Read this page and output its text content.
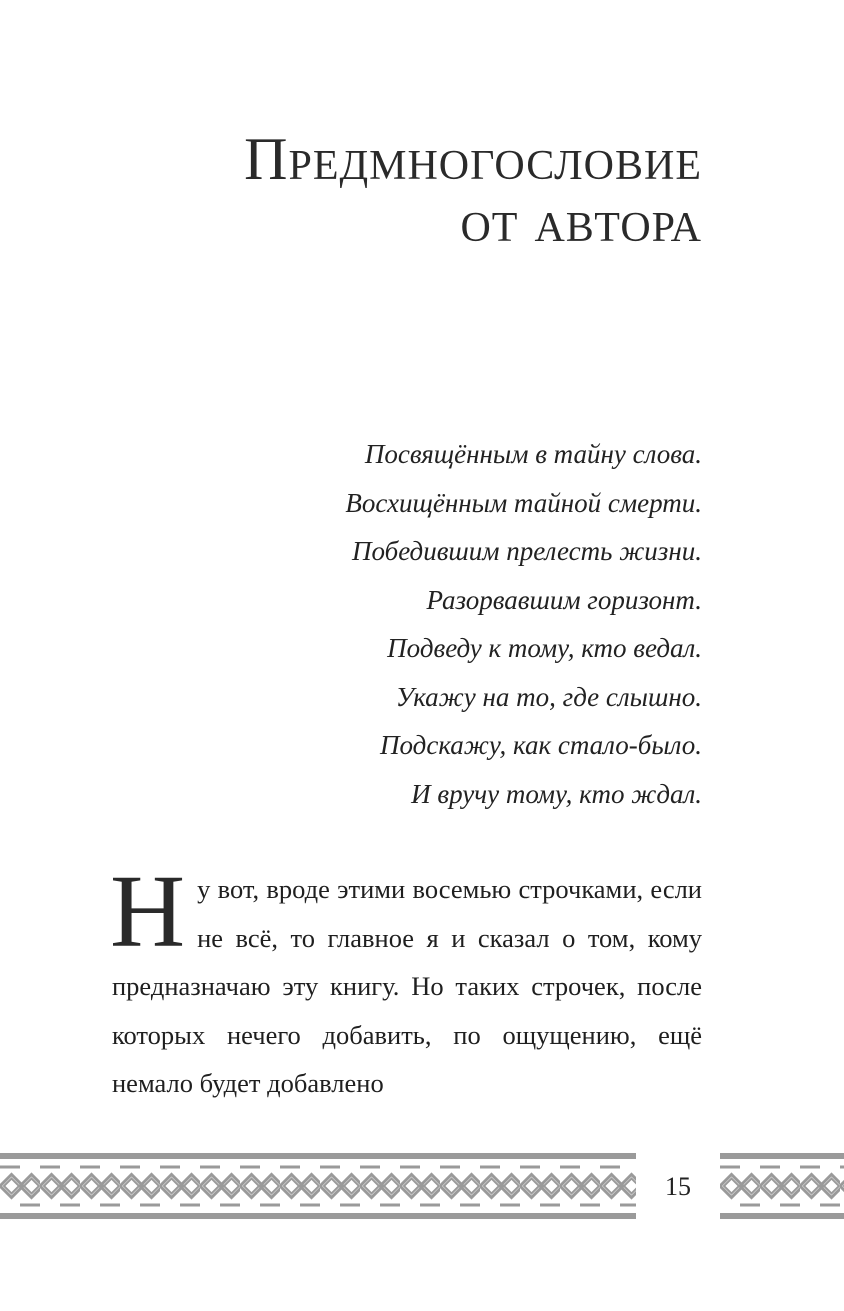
Предмногословие
от автора
Посвящённым в тайну слова.
Восхищённым тайной смерти.
Победившим прелесть жизни.
Разорвавшим горизонт.
Подведу к тому, кто ведал.
Укажу на то, где слышно.
Подскажу, как стало-было.
И вручу тому, кто ждал.
Ну вот, вроде этими восемью строчками, если не всё, то главное я и сказал о том, кому предназначаю эту книгу. Но таких строчек, после которых нечего добавить, по ощущению, ещё немало будет добавлено
15
